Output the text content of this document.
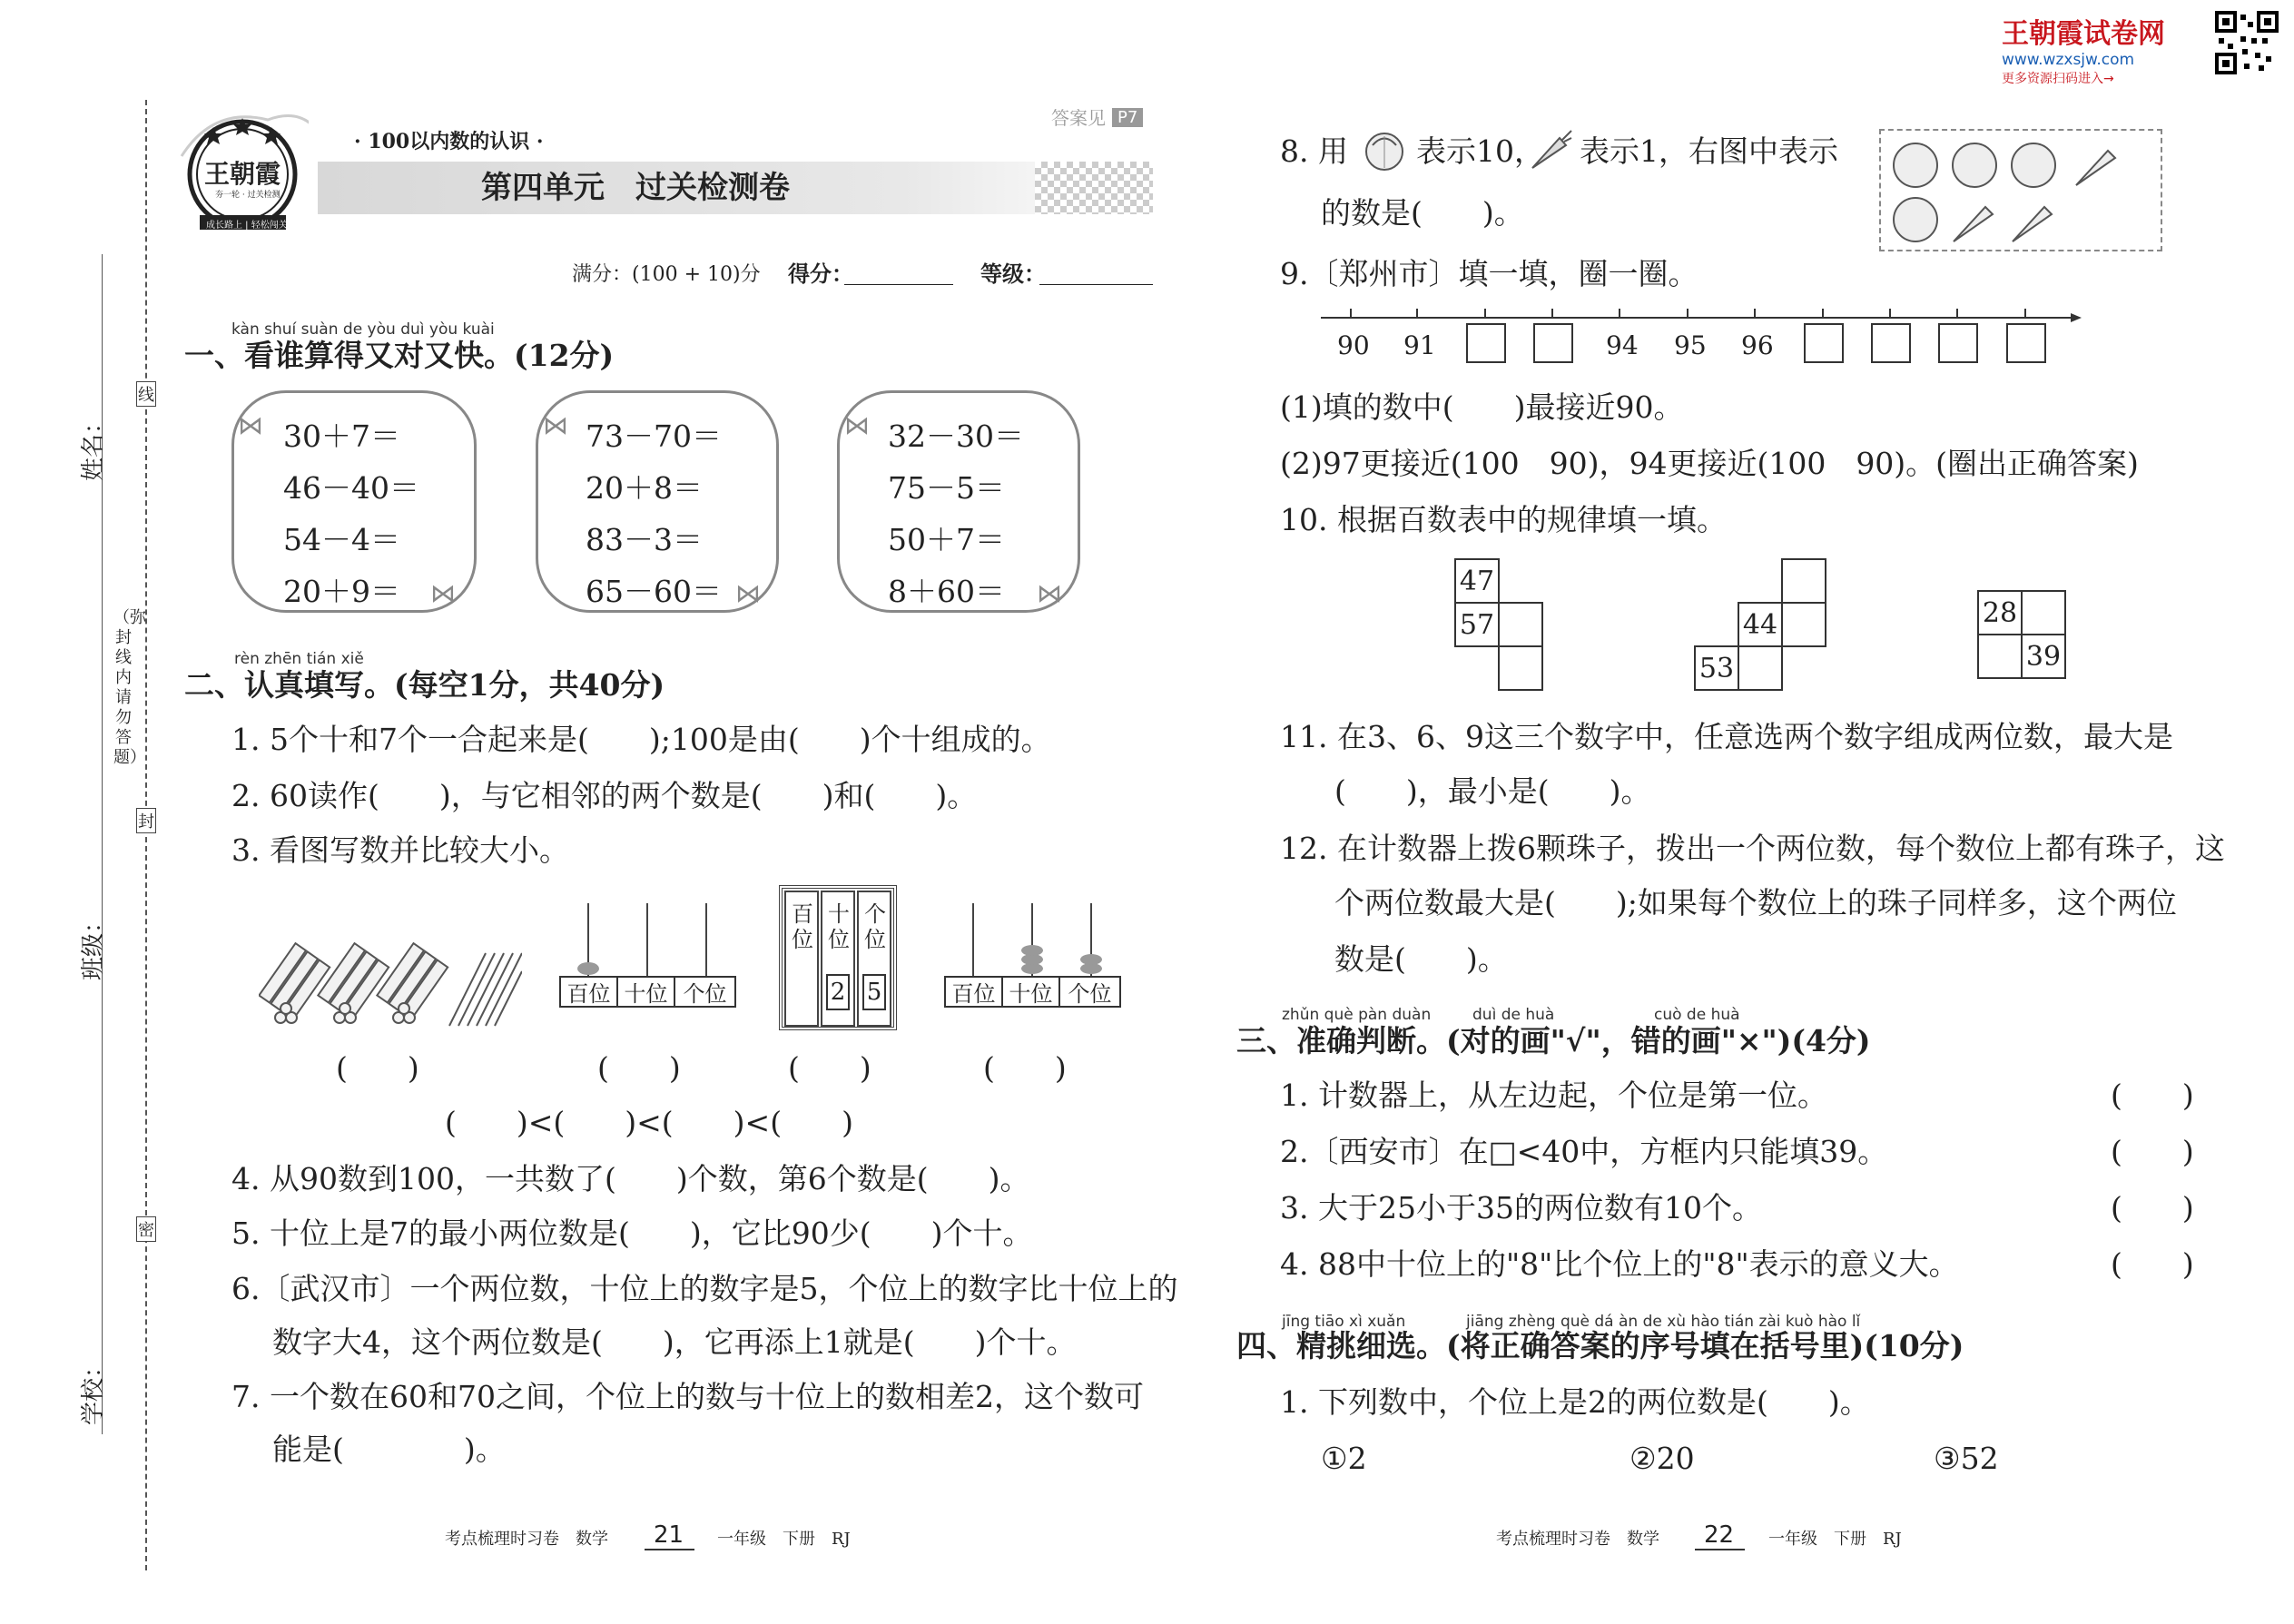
王朝霞试卷网
www.wzxsjw.com
更多资源扫码进入→
线
封
密
（弥封线内请勿答题）
姓名：
班级：
学校：
王朝霞
夯一轮 · 过关检测
成长路上 | 轻松闯关
· 100以内数的认识 ·
第四单元　过关检测卷
答案见 P7
满分：(100 + 10)分 得分：	等级：
kàn shuí suàn de yòu duì yòu kuài
一、看谁算得又对又快。(12分)
⋈
⋈
⋈
⋈
⋈
⋈
30＋7＝
46－40＝
54－4＝
20＋9＝
73－70＝
20＋8＝
83－3＝
65－60＝
32－30＝
75－5＝
50＋7＝
8＋60＝
rèn zhēn tián xiě
二、认真填写。(每空1分，共40分)
1. 5个十和7个一合起来是(　　);100是由(　　)个十组成的。
2. 60读作(　　)，与它相邻的两个数是(　　)和(　　)。
3. 看图写数并比较大小。
百位 十位 个位
百
位
十
位
2
个
位
5	百位 十位 个位
(　　)	(　　)	(　　)	(　　)
(　　)<(　　)<(　　)<(　　)
4. 从90数到100，一共数了(　　)个数，第6个数是(　　)。
5. 十位上是7的最小两位数是(　　)，它比90少(　　)个十。
6.〔武汉市〕一个两位数，十位上的数字是5，个位上的数字比十位上的
数字大4，这个两位数是(　　)，它再添上1就是(　　)个十。
7. 一个数在60和70之间，个位上的数与十位上的数相差2，这个数可
能是(　　　　)。
8. 用 表示10， 表示1，右图中表示
的数是(　　)。
9.〔郑州市〕填一填，圈一圈。
90 91	94 95 96
(1)填的数中(　　)最接近90。
(2)97更接近(100　90)，94更接近(100　90)。(圈出正确答案)
10. 根据百数表中的规律填一填。
47
57	44
53
28
39
11. 在3、6、9这三个数字中，任意选两个数字组成两位数，最大是
(　　)，最小是(　　)。
12. 在计数器上拨6颗珠子，拨出一个两位数，每个数位上都有珠子，这
个两位数最大是(　　);如果每个数位上的珠子同样多，这个两位
数是(　　)。
zhǔn què pàn duàn	duì de huà	cuò de huà
三、准确判断。(对的画"√"，错的画"×")(4分)
1. 计数器上，从左边起，个位是第一位。	(　　)
2.〔西安市〕在□<40中，方框内只能填39。	(　　)
3. 大于25小于35的两位数有10个。	(　　)
4. 88中十位上的"8"比个位上的"8"表示的意义大。	(　　)
jīng tiāo xì xuǎn	jiāng zhèng què dá àn de xù hào tián zài kuò hào lǐ
四、精挑细选。(将正确答案的序号填在括号里)(10分)
1. 下列数中，个位上是2的两位数是(　　)。
①2	②20	③52
考点梳理时习卷　数学 21 一年级　下册　RJ	考点梳理时习卷　数学 22 一年级　下册　RJ
